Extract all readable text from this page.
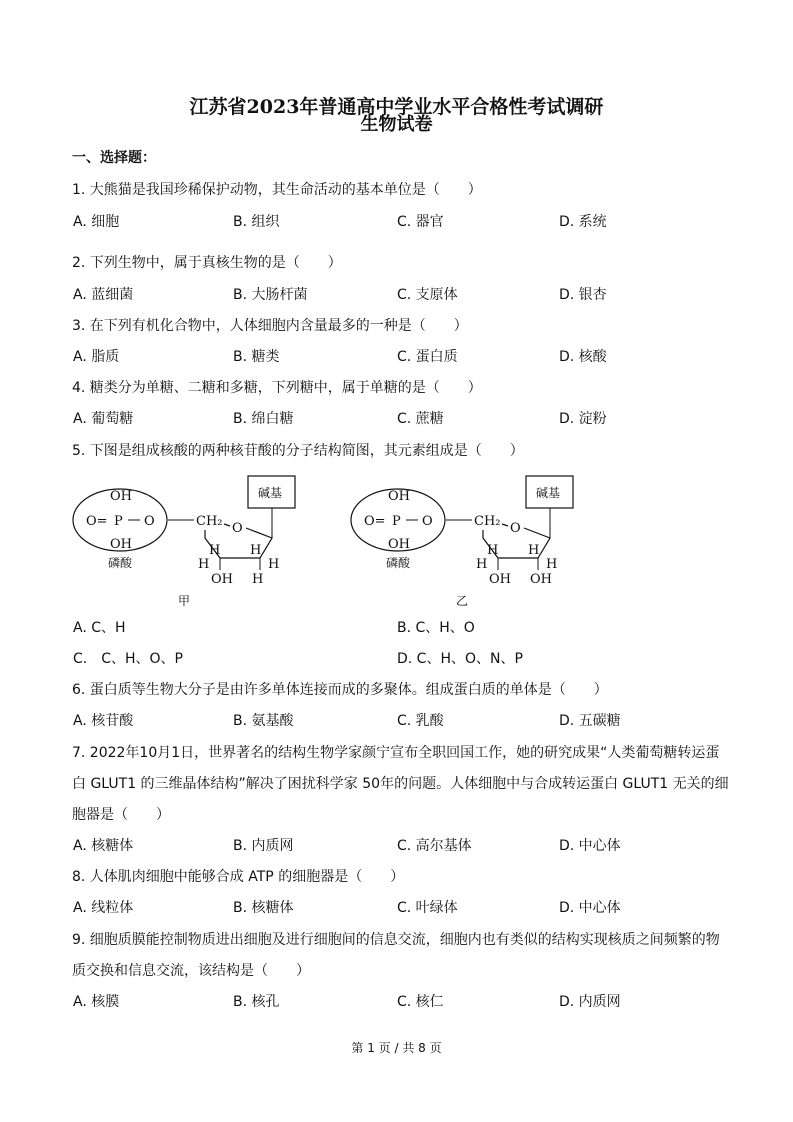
江苏省2023年普通高中学业水平合格性考试调研
生物试卷
一、选择题：
1. 大熊猫是我国珍稀保护动物，其生命活动的基本单位是（　　）
A. 细胞	B. 组织	C. 器官	D. 系统
2. 下列生物中，属于真核生物的是（　　）
A. 蓝细菌	B. 大肠杆菌	C. 支原体	D. 银杏
3. 在下列有机化合物中，人体细胞内含量最多的一种是（　　）
A. 脂质	B. 糖类	C. 蛋白质	D. 核酸
4. 糖类分为单糖、二糖和多糖，下列糖中，属于单糖的是（　　）
A. 葡萄糖	B. 绵白糖	C. 蔗糖	D. 淀粉
5. 下图是组成核酸的两种核苷酸的分子结构简图，其元素组成是（　　）
A. C、H	B. C、H、O
C.　C、H、O、P	D. C、H、O、N、P
6. 蛋白质等生物大分子是由许多单体连接而成的多聚体。组成蛋白质的单体是（　　）
A. 核苷酸	B. 氨基酸	C. 乳酸	D. 五碳糖
7. 2022年10月1日，世界著名的结构生物学家颜宁宣布全职回国工作，她的研究成果“人类葡萄糖转运蛋
白 GLUT1 的三维晶体结构”解决了困扰科学家 50年的问题。人体细胞中与合成转运蛋白 GLUT1 无关的细
胞器是（　　）
A. 核糖体	B. 内质网	C. 高尔基体	D. 中心体
8. 人体肌肉细胞中能够合成 ATP 的细胞器是（　　）
A. 线粒体	B. 核糖体	C. 叶绿体	D. 中心体
9. 细胞质膜能控制物质进出细胞及进行细胞间的信息交流，细胞内也有类似的结构实现核质之间频繁的物
质交换和信息交流，该结构是（　　）
A. 核膜	B. 核孔	C. 核仁	D. 内质网
OH
OH
O= P O
磷酸
CH₂ O
碱基
H H
H	H
OH H
甲
OH
OH
O= P O
磷酸
CH₂ O
碱基
H H
H	H
OH OH
乙
第 1 页 / 共 8 页
